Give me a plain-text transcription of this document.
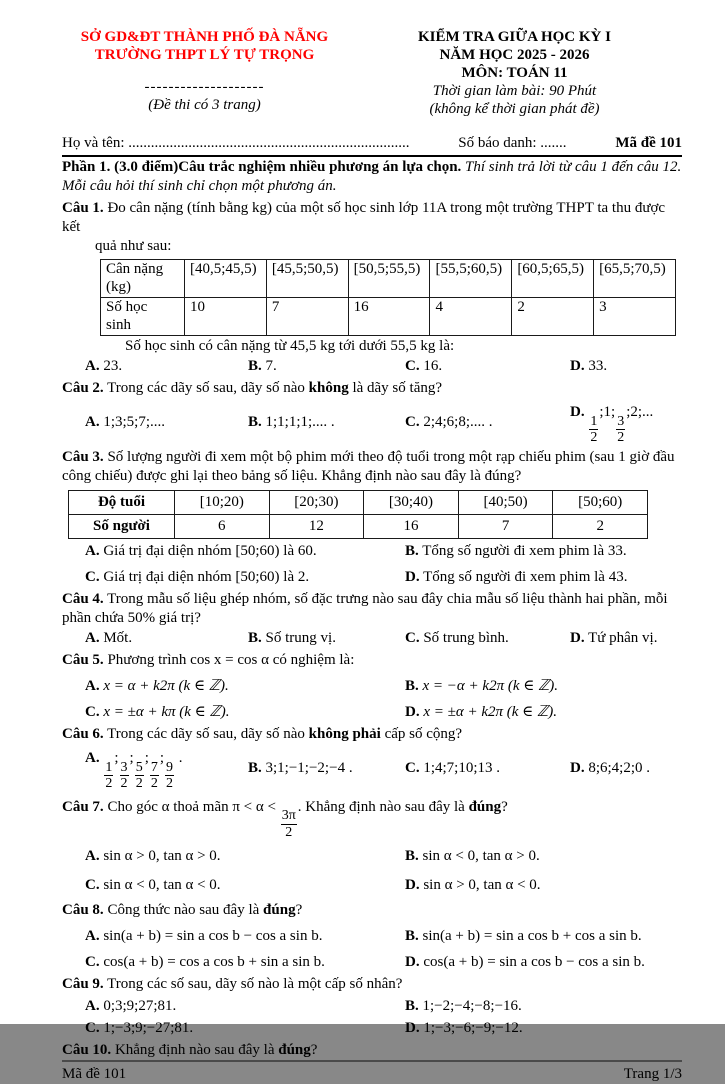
SỞ GD&ĐT THÀNH PHỐ ĐÀ NẴNG
TRƯỜNG THPT LÝ TỰ TRỌNG
--------------------
(Đề thi có 3 trang)
KIỂM TRA GIỮA HỌC KỲ I
NĂM HỌC 2025 - 2026
MÔN: TOÁN 11
Thời gian làm bài: 90 Phút
(không kể thời gian phát đề)
Họ và tên: ...........................................................................	Số báo danh: .......	Mã đề 101
Phần 1. (3.0 điểm)Câu trắc nghiệm nhiều phương án lựa chọn. Thí sinh trả lời từ câu 1 đến câu 12.
Mỗi câu hỏi thí sinh chỉ chọn một phương án.
Câu 1. Đo cân nặng (tính bằng kg) của một số học sinh lớp 11A trong một trường THPT ta thu được kết
quả như sau:
Cân nặng
(kg)	[40,5;45,5)	[45,5;50,5)	[50,5;55,5)	[55,5;60,5)	[60,5;65,5)	[65,5;70,5)

Số học
sinh	10	7	16	4	2	3
Số học sinh có cân nặng từ 45,5 kg tới dưới 55,5 kg là:
A. 23.	B. 7.	C. 16.	D. 33.
Câu 2. Trong các dãy số sau, dãy số nào không là dãy số tăng?
A. 1;3;5;7;....	B. 1;1;1;1;.... .	C. 2;4;6;8;.... .
D.
$\frac{1}{2}$
;1;
$\frac{3}{2}$
;2;...
Câu 3. Số lượng người đi xem một bộ phim mới theo độ tuổi trong một rạp chiếu phim (sau 1 giờ đầu
công chiếu) được ghi lại theo bảng số liệu. Khẳng định nào sau đây là đúng?
Độ tuổi	[10;20)	[20;30)	[30;40)	[40;50)	[50;60)
Số người	6	12	16	7	2
A. Giá trị đại diện nhóm [50;60) là 60.	B. Tổng số người đi xem phim là 33.
C. Giá trị đại diện nhóm [50;60) là 2.	D. Tổng số người đi xem phim là 43.
Câu 4. Trong mẫu số liệu ghép nhóm, số đặc trưng nào sau đây chia mẫu số liệu thành hai phần, mỗi
phần chứa 50% giá trị?
A. Mốt.	B. Số trung vị.	C. Số trung bình.	D. Tứ phân vị.
Câu 5. Phương trình cos x = cos α có nghiệm là:
A. x = α + k2π (k ∈ ℤ).	B. x = −α + k2π (k ∈ ℤ).
C. x = ±α + kπ (k ∈ ℤ).	D. x = ±α + k2π (k ∈ ℤ).
Câu 6. Trong các dãy số sau, dãy số nào không phải cấp số cộng?
A.
$\frac{1}{2}$
;
$\frac{3}{2}$
;
$\frac{5}{2}$
;
$\frac{7}{2}$
;
$\frac{9}{2}$
.
B. 3;1;−1;−2;−4 .	C. 1;4;7;10;13 .	D. 8;6;4;2;0 .
Câu 7. Cho góc α thoả mãn π < α <
$\frac{3\pi}{2}$
. Khẳng định nào sau đây là đúng?
A. sin α > 0, tan α > 0.	B. sin α < 0, tan α > 0.
C. sin α < 0, tan α < 0.	D. sin α > 0, tan α < 0.
Câu 8. Công thức nào sau đây là đúng?
A. sin(a + b) = sin a cos b − cos a sin b.	B. sin(a + b) = sin a cos b + cos a sin b.
C. cos(a + b) = cos a cos b + sin a sin b.	D. cos(a + b) = sin a cos b − cos a sin b.
Câu 9. Trong các số sau, dãy số nào là một cấp số nhân?
A. 0;3;9;27;81.	B. 1;−2;−4;−8;−16.
C. 1;−3;9;−27;81.	D. 1;−3;−6;−9;−12.
Câu 10. Khẳng định nào sau đây là đúng?
Mã đề 101	Trang 1/3
